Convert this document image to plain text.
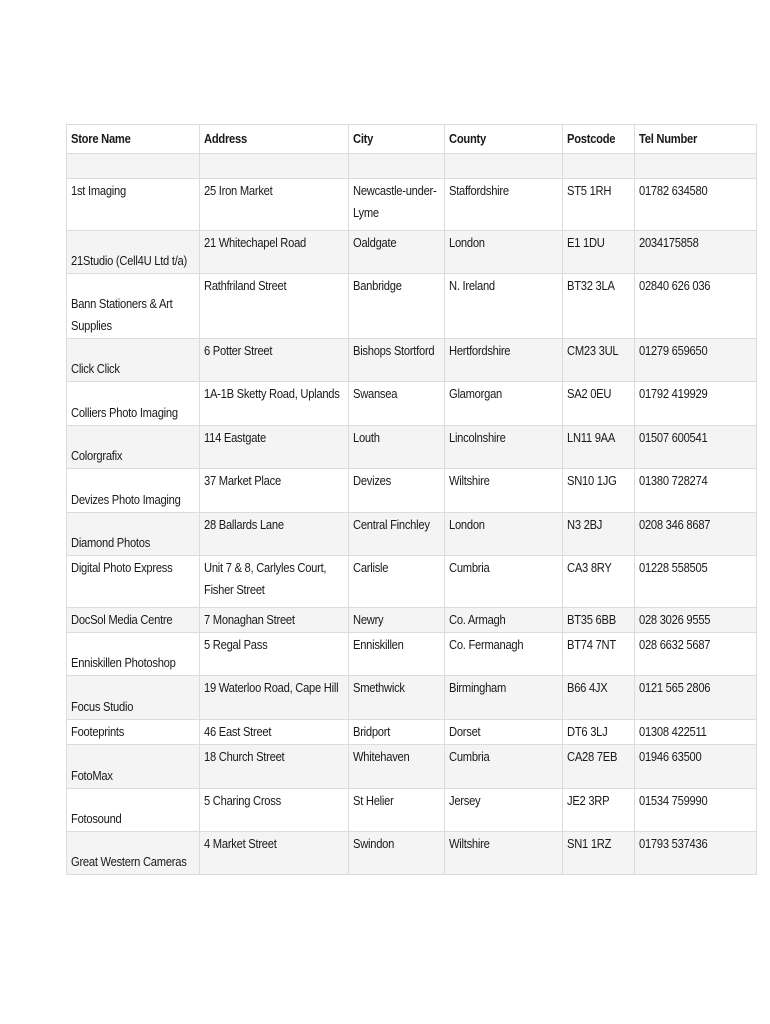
Store Name	Address	City	County	Postcode	Tel Number

1st Imaging	25 Iron Market	Newcastle-under-Lyme	Staffordshire	ST5 1RH	01782 634580
21Studio (Cell4U Ltd t/a)	21 Whitechapel Road	Oaldgate	London	E1 1DU	2034175858

Bann Stationers & Art Supplies	Rathfriland Street	Banbridge	N. Ireland	BT32 3LA	02840 626 036
Click Click	6 Potter Street	Bishops Stortford	Hertfordshire	CM23 3UL	01279 659650
Colliers Photo Imaging	1A-1B Sketty Road, Uplands	Swansea	Glamorgan	SA2 0EU	01792 419929
Colorgrafix	114 Eastgate	Louth	Lincolnshire	LN11 9AA	01507 600541
Devizes Photo Imaging	37 Market Place	Devizes	Wiltshire	SN10 1JG	01380 728274
Diamond Photos	28 Ballards Lane	Central Finchley	London	N3 2BJ	0208 346 8687
Digital Photo Express	Unit 7 & 8, Carlyles Court, Fisher Street	Carlisle	Cumbria	CA3 8RY	01228 558505
DocSol Media Centre	7 Monaghan Street	Newry	Co. Armagh	BT35 6BB	028 3026 9555
Enniskillen Photoshop	5 Regal Pass	Enniskillen	Co. Fermanagh	BT74 7NT	028 6632 5687
Focus Studio	19 Waterloo Road, Cape Hill	Smethwick	Birmingham	B66 4JX	0121 565 2806
Footeprints	46 East Street	Bridport	Dorset	DT6 3LJ	01308 422511
FotoMax	18 Church Street	Whitehaven	Cumbria	CA28 7EB	01946 63500
Fotosound	5 Charing Cross	St Helier	Jersey	JE2 3RP	01534 759990
Great Western Cameras	4 Market Street	Swindon	Wiltshire	SN1 1RZ	01793 537436
